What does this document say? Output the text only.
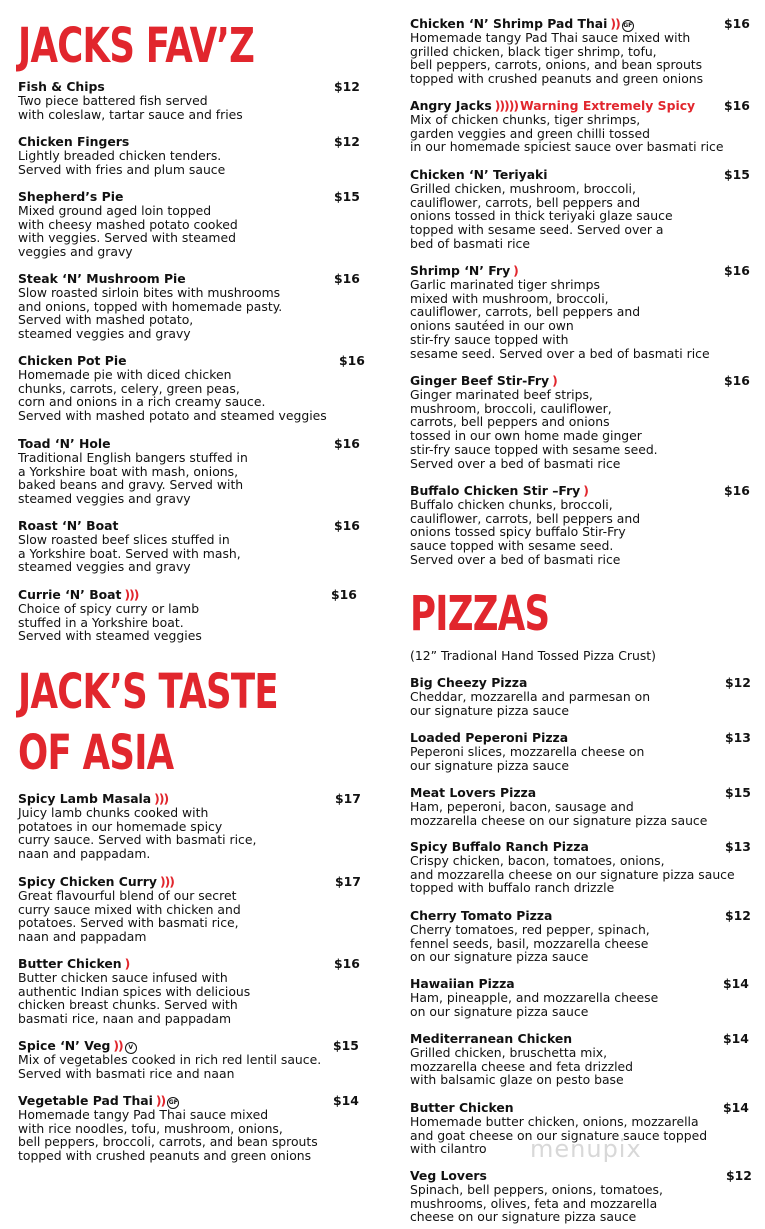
JACKS FAV’Z
JACK’S TASTE
OF ASIA
Fish & Chips	$12
Two piece battered fish served
with coleslaw, tartar sauce and fries
Chicken Fingers	$12
Lightly breaded chicken tenders.
Served with fries and plum sauce
Shepherd’s Pie	$15
Mixed ground aged loin topped
with cheesy mashed potato cooked
with veggies. Served with steamed
veggies and gravy
Steak ‘N’ Mushroom Pie	$16
Slow roasted sirloin bites with mushrooms
and onions, topped with homemade pasty.
Served with mashed potato,
steamed veggies and gravy
Chicken Pot Pie	$16
Homemade pie with diced chicken
chunks, carrots, celery, green peas,
corn and onions in a rich creamy sauce.
Served with mashed potato and steamed veggies
Toad ‘N’ Hole	$16
Traditional English bangers stuffed in
a Yorkshire boat with mash, onions,
baked beans and gravy. Served with
steamed veggies and gravy
Roast ‘N’ Boat	$16
Slow roasted beef slices stuffed in
a Yorkshire boat. Served with mash,
steamed veggies and gravy
Currie ‘N’ Boat )))	$16
Choice of spicy curry or lamb
stuffed in a Yorkshire boat.
Served with steamed veggies
Spicy Lamb Masala )))	$17
Juicy lamb chunks cooked with
potatoes in our homemade spicy
curry sauce. Served with basmati rice,
naan and pappadam.
Spicy Chicken Curry )))	$17
Great flavourful blend of our secret
curry sauce mixed with chicken and
potatoes. Served with basmati rice,
naan and pappadam
Butter Chicken )	$16
Butter chicken sauce infused with
authentic Indian spices with delicious
chicken breast chunks. Served with
basmati rice, naan and pappadam
Spice ‘N’ Veg )) V	$15
Mix of vegetables cooked in rich red lentil sauce.
Served with basmati rice and naan
Vegetable Pad Thai )) GF	$14
Homemade tangy Pad Thai sauce mixed
with rice noodles, tofu, mushroom, onions,
bell peppers, broccoli, carrots, and bean sprouts
topped with crushed peanuts and green onions
PIZZAS
(12” Tradional Hand Tossed Pizza Crust)
Chicken ‘N’ Shrimp Pad Thai )) GF	$16
Homemade tangy Pad Thai sauce mixed with
grilled chicken, black tiger shrimp, tofu,
bell peppers, carrots, onions, and bean sprouts
topped with crushed peanuts and green onions
Angry Jacks ))))) Warning Extremely Spicy $16
Mix of chicken chunks, tiger shrimps,
garden veggies and green chilli tossed
in our homemade spiciest sauce over basmati rice
Chicken ‘N’ Teriyaki	$15
Grilled chicken, mushroom, broccoli,
cauliflower, carrots, bell peppers and
onions tossed in thick teriyaki glaze sauce
topped with sesame seed. Served over a
bed of basmati rice
Shrimp ‘N’ Fry )	$16
Garlic marinated tiger shrimps
mixed with mushroom, broccoli,
cauliflower, carrots, bell peppers and
onions sautéed in our own
stir-fry sauce topped with
sesame seed. Served over a bed of basmati rice
Ginger Beef Stir-Fry )	$16
Ginger marinated beef strips,
mushroom, broccoli, cauliflower,
carrots, bell peppers and onions
tossed in our own home made ginger
stir-fry sauce topped with sesame seed.
Served over a bed of basmati rice
Buffalo Chicken Stir –Fry )	$16
Buffalo chicken chunks, broccoli,
cauliflower, carrots, bell peppers and
onions tossed spicy buffalo Stir-Fry
sauce topped with sesame seed.
Served over a bed of basmati rice
Big Cheezy Pizza	$12
Cheddar, mozzarella and parmesan on
our signature pizza sauce
Loaded Peperoni Pizza	$13
Peperoni slices, mozzarella cheese on
our signature pizza sauce
Meat Lovers Pizza	$15
Ham, peperoni, bacon, sausage and
mozzarella cheese on our signature pizza sauce
Spicy Buffalo Ranch Pizza	$13
Crispy chicken, bacon, tomatoes, onions,
and mozzarella cheese on our signature pizza sauce
topped with buffalo ranch drizzle
Cherry Tomato Pizza	$12
Cherry tomatoes, red pepper, spinach,
fennel seeds, basil, mozzarella cheese
on our signature pizza sauce
Hawaiian Pizza	$14
Ham, pineapple, and mozzarella cheese
on our signature pizza sauce
Mediterranean Chicken	$14
Grilled chicken, bruschetta mix,
mozzarella cheese and feta drizzled
with balsamic glaze on pesto base
Butter Chicken	$14
Homemade butter chicken, onions, mozzarella
and goat cheese on our signature sauce topped
with cilantro
Veg Lovers	$12
Spinach, bell peppers, onions, tomatoes,
mushrooms, olives, feta and mozzarella
cheese on our signature pizza sauce
menupix
